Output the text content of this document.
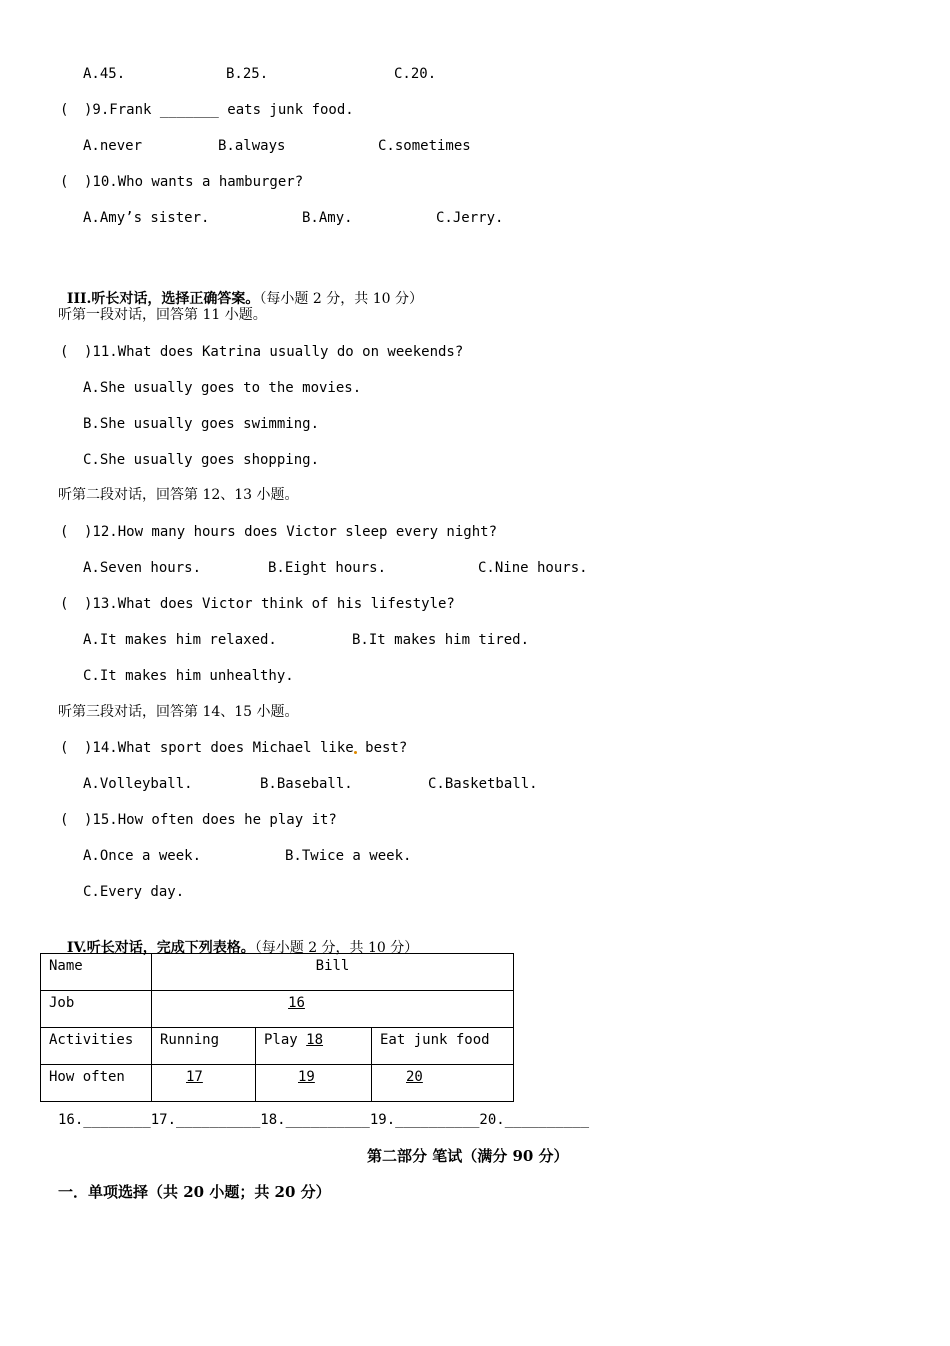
A.45.	B.25.	C.20.
( )9.Frank _______ eats junk food.
A.never	B.always	C.sometimes
( )10.Who wants a hamburger?
A.Amy’s sister.	B.Amy.	C.Jerry.

III.听长对话，选择正确答案。（每小题 2 分，共 10 分）

听第一段对话，回答第 11 小题。
( )11.What does Katrina usually do on weekends?
A.She usually goes to the movies.
B.She usually goes swimming.
C.She usually goes shopping.
听第二段对话，回答第 12、13 小题。
( )12.How many hours does Victor sleep every night?
A.Seven hours.	B.Eight hours.	C.Nine hours.
( )13.What does Victor think of his lifestyle?
A.It makes him relaxed.	B.It makes him tired.
C.It makes him unhealthy.
听第三段对话，回答第 14、15 小题。
( )14.What sport does Michael like best?
A.Volleyball.	B.Baseball.	C.Basketball.
( )15.How often does he play it?
A.Once a week.	B.Twice a week.
C.Every day.

IV.听长对话，完成下列表格。（每小题 2 分，共 10 分）

Name	Bill		
Job	16		
Activities	Running	Play 18	Eat junk food
How often	17	19	20
16.________17.__________18.__________19.__________20.__________
第二部分 笔试（满分 90 分）
一．单项选择（共 20 小题；共 20 分）
